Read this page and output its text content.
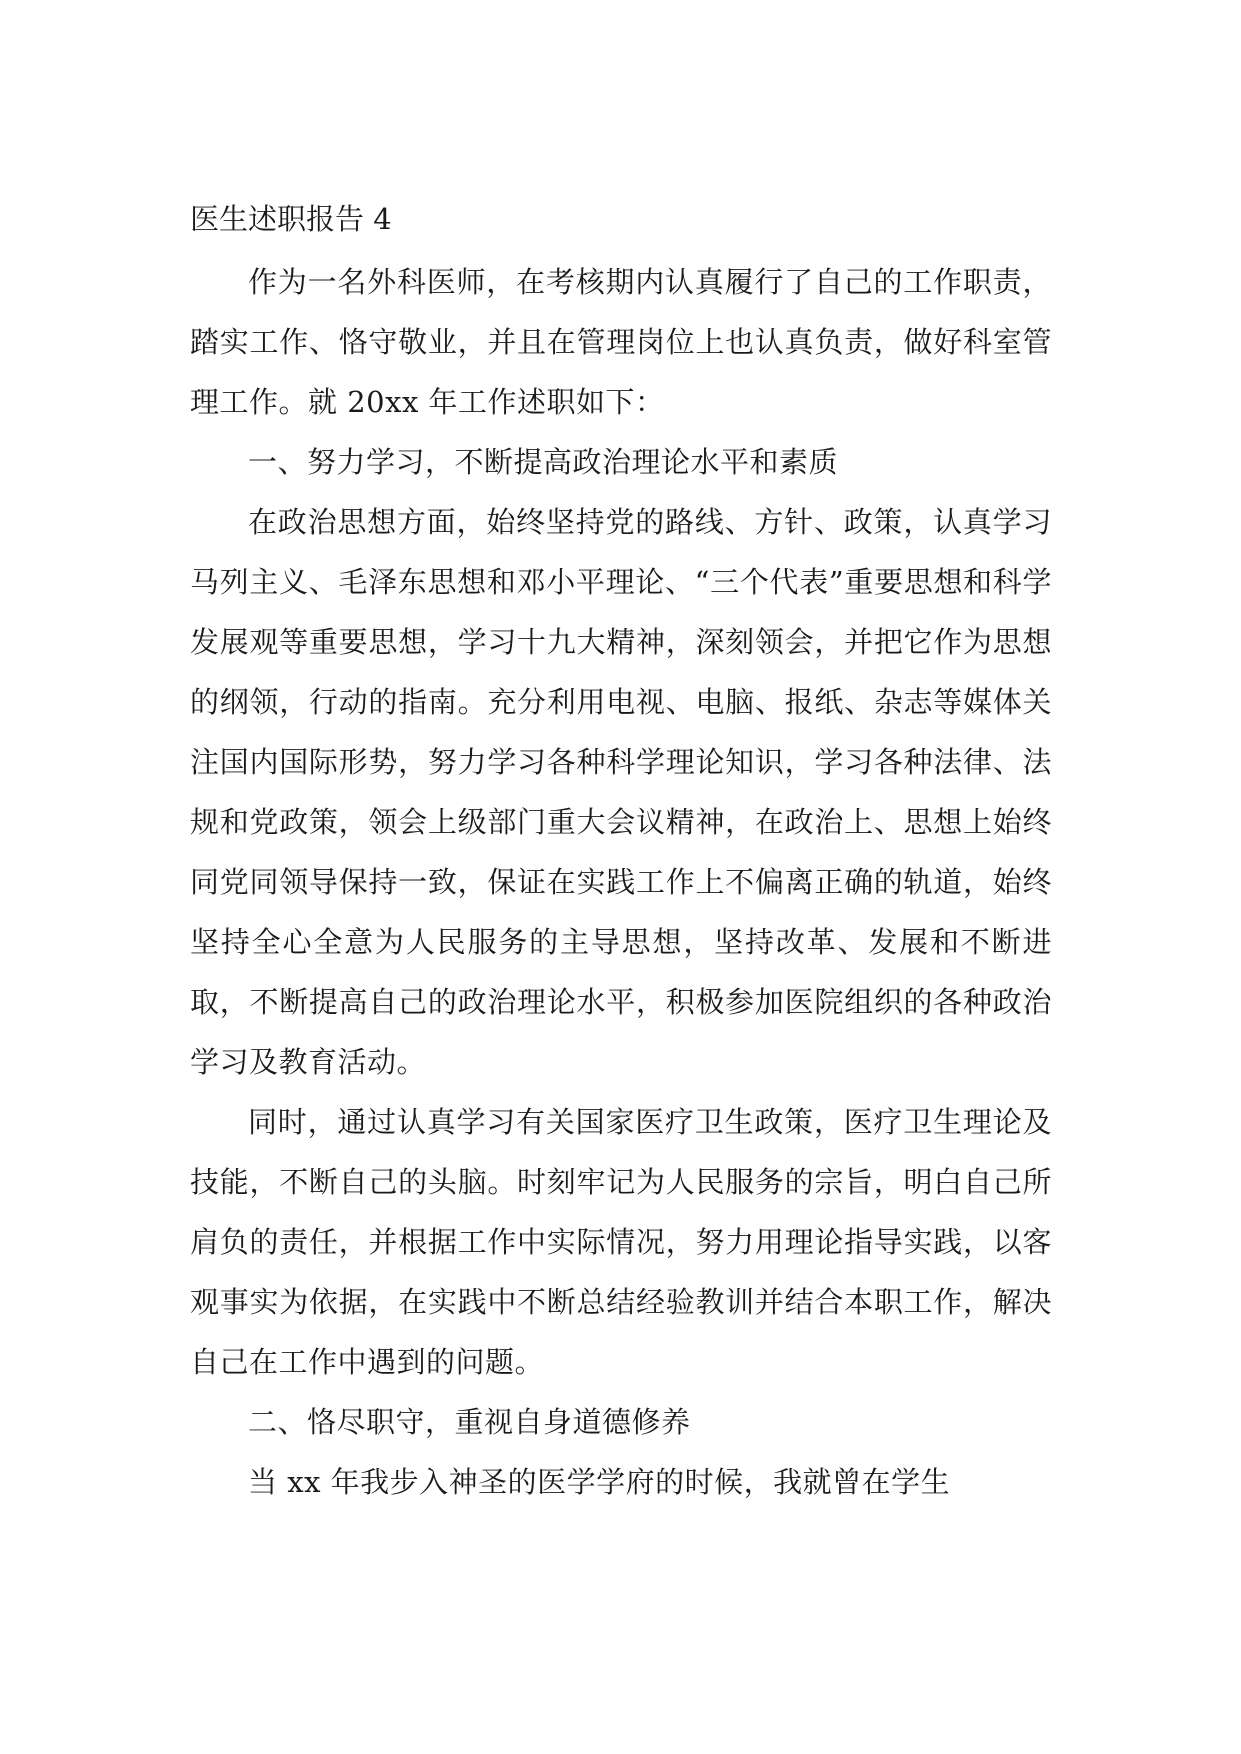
医生述职报告 4

作为一名外科医师，在考核期内认真履行了自己的工作职责，踏实工作、恪守敬业，并且在管理岗位上也认真负责，做好科室管理工作。就 20xx 年工作述职如下：

一、努力学习，不断提高政治理论水平和素质

在政治思想方面，始终坚持党的路线、方针、政策，认真学习马列主义、毛泽东思想和邓小平理论、“三个代表”重要思想和科学发展观等重要思想，学习十九大精神，深刻领会，并把它作为思想的纲领，行动的指南。充分利用电视、电脑、报纸、杂志等媒体关注国内国际形势，努力学习各种科学理论知识，学习各种法律、法规和党政策，领会上级部门重大会议精神，在政治上、思想上始终同党同领导保持一致，保证在实践工作上不偏离正确的轨道，始终坚持全心全意为人民服务的主导思想，坚持改革、发展和不断进取，不断提高自己的政治理论水平，积极参加医院组织的各种政治学习及教育活动。

同时，通过认真学习有关国家医疗卫生政策，医疗卫生理论及技能，不断自己的头脑。时刻牢记为人民服务的宗旨，明白自己所肩负的责任，并根据工作中实际情况，努力用理论指导实践，以客观事实为依据，在实践中不断总结经验教训并结合本职工作，解决自己在工作中遇到的问题。

二、恪尽职守，重视自身道德修养

当 xx 年我步入神圣的医学学府的时候，我就曾在学生
